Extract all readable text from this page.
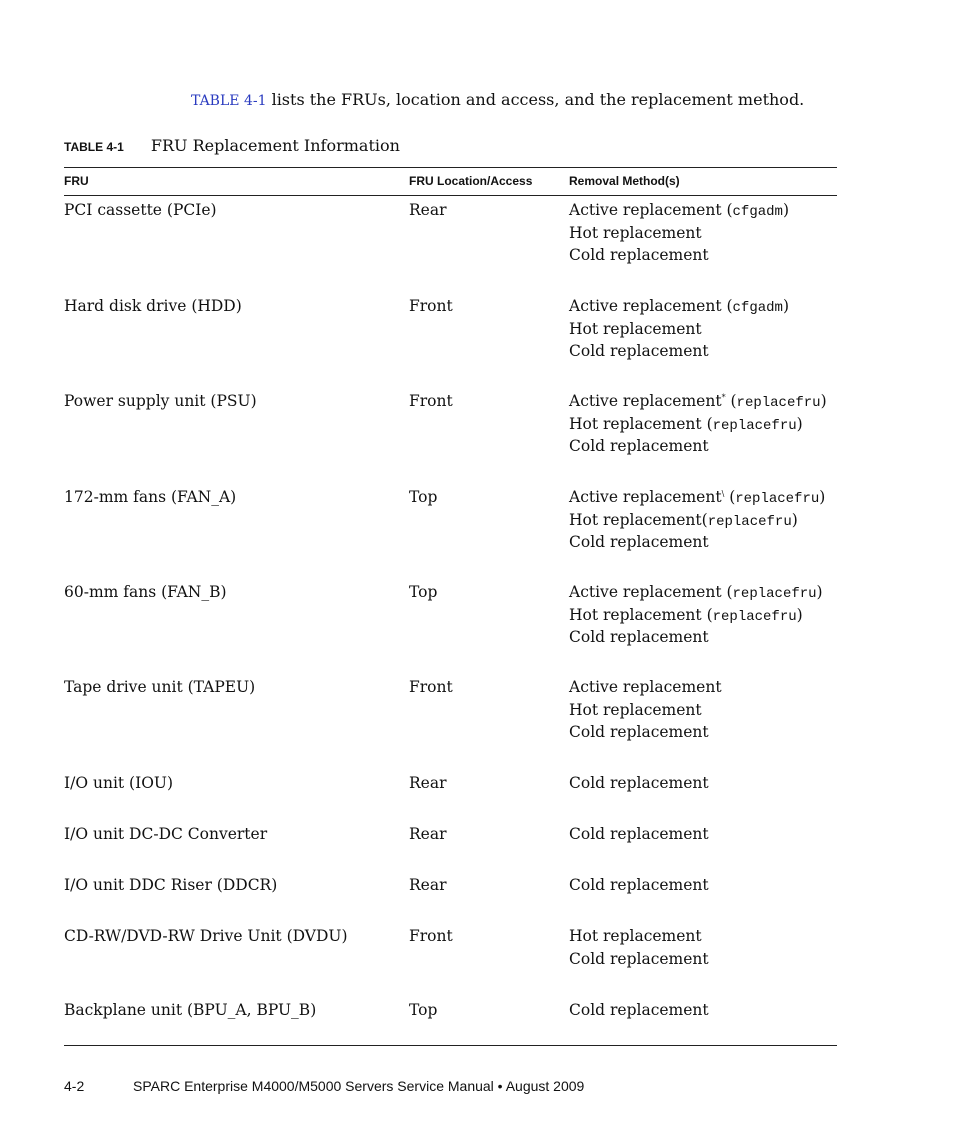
TABLE 4-1 lists the FRUs, location and access, and the replacement method.
TABLE 4-1 FRU Replacement Information
FRU	FRU Location/Access	Removal Method(s)
PCI cassette (PCIe)	Rear	Active replacement (cfgadm)
Hot replacement
Cold replacement
Hard disk drive (HDD)	Front	Active replacement (cfgadm)
Hot replacement
Cold replacement
Power supply unit (PSU)	Front	Active replacement* (replacefru)
Hot replacement (replacefru)
Cold replacement
172-mm fans (FAN_A)	Top	Active replacement\ (replacefru)
Hot replacement(replacefru)
Cold replacement
60-mm fans (FAN_B)	Top	Active replacement (replacefru)
Hot replacement (replacefru)
Cold replacement
Tape drive unit (TAPEU)	Front	Active replacement
Hot replacement
Cold replacement
I/O unit (IOU)	Rear	Cold replacement
I/O unit DC-DC Converter	Rear	Cold replacement
I/O unit DDC Riser (DDCR)	Rear	Cold replacement
CD-RW/DVD-RW Drive Unit (DVDU)	Front	Hot replacement
Cold replacement
Backplane unit (BPU_A, BPU_B)	Top	Cold replacement
4-2	SPARC Enterprise M4000/M5000 Servers Service Manual • August 2009
